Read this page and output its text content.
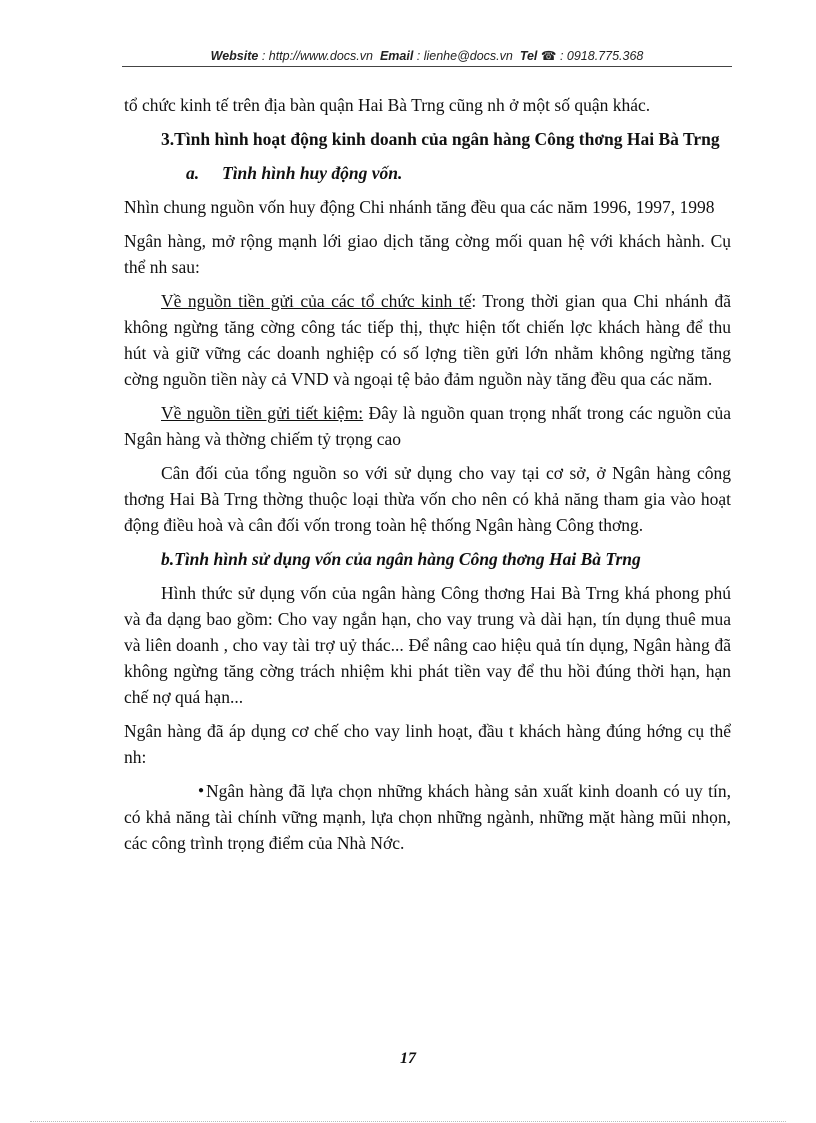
Website : http://www.docs.vn Email : lienhe@docs.vn Tel ☎ : 0918.775.368

tổ chức kinh tế trên địa bàn quận Hai Bà Trng cũng nh ở một số quận khác.

3.Tình hình hoạt động kinh doanh của ngân hàng Công thơng Hai Bà Trng

a. Tình hình huy động vốn.

Nhìn chung nguồn vốn huy động Chi nhánh tăng đều qua các năm 1996, 1997, 1998

Ngân hàng, mở rộng mạnh lới giao dịch tăng cờng mối quan hệ với khách hành. Cụ thể nh sau:

Về nguồn tiền gửi của các tổ chức kinh tế: Trong thời gian qua Chi nhánh đã không ngừng tăng cờng công tác tiếp thị, thực hiện tốt chiến lợc khách hàng để thu hút và giữ vững các doanh nghiệp có số lợng tiền gửi lớn nhằm không ngừng tăng cờng nguồn tiền này cả VND và ngoại tệ bảo đảm nguồn này tăng đều qua các năm.

Về nguồn tiền gửi tiết kiệm: Đây là nguồn quan trọng nhất trong các nguồn của Ngân hàng và thờng chiếm tỷ trọng cao

Cân đối của tổng nguồn so với sử dụng cho vay tại cơ sở, ở Ngân hàng công thơng Hai Bà Trng thờng thuộc loại thừa vốn cho nên có khả năng tham gia vào hoạt động điều hoà và cân đối vốn trong toàn hệ thống Ngân hàng Công thơng.

b.Tình hình sử dụng vốn của ngân hàng Công thơng Hai Bà Trng

Hình thức sử dụng vốn của ngân hàng Công thơng Hai Bà Trng khá phong phú và đa dạng bao gồm: Cho vay ngắn hạn, cho vay trung và dài hạn, tín dụng thuê mua và liên doanh , cho vay tài trợ uỷ thác... Để nâng cao hiệu quả tín dụng, Ngân hàng đã không ngừng tăng cờng trách nhiệm khi phát tiền vay để thu hồi đúng thời hạn, hạn chế nợ quá hạn...

Ngân hàng đã áp dụng cơ chế cho vay linh hoạt, đầu t khách hàng đúng hớng cụ thể nh:

● Ngân hàng đã lựa chọn những khách hàng sản xuất kinh doanh có uy tín, có khả năng tài chính vững mạnh, lựa chọn những ngành, những mặt hàng mũi nhọn, các công trình trọng điểm của Nhà Nớc.

17
